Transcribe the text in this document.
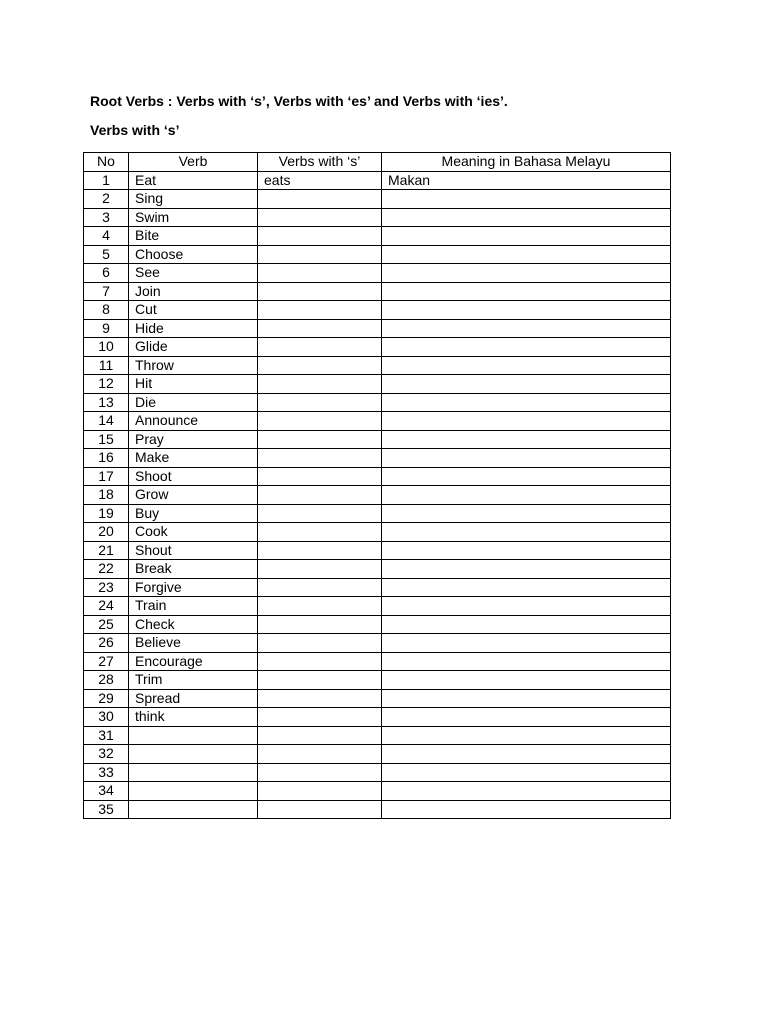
Root Verbs : Verbs with ‘s’, Verbs with ‘es’ and Verbs with ‘ies’.
Verbs with ‘s’
No	Verb	Verbs with ‘s’	Meaning in Bahasa Melayu
1	Eat	eats	Makan
2	Sing		
3	Swim		
4	Bite		
5	Choose		
6	See		
7	Join		
8	Cut		
9	Hide		
10	Glide		
11	Throw		
12	Hit		
13	Die		
14	Announce		
15	Pray		
16	Make		
17	Shoot		
18	Grow		
19	Buy		
20	Cook		
21	Shout		
22	Break		
23	Forgive		
24	Train		
25	Check		
26	Believe		
27	Encourage		
28	Trim		
29	Spread		
30	think		
31			
32			
33			
34			
35			
